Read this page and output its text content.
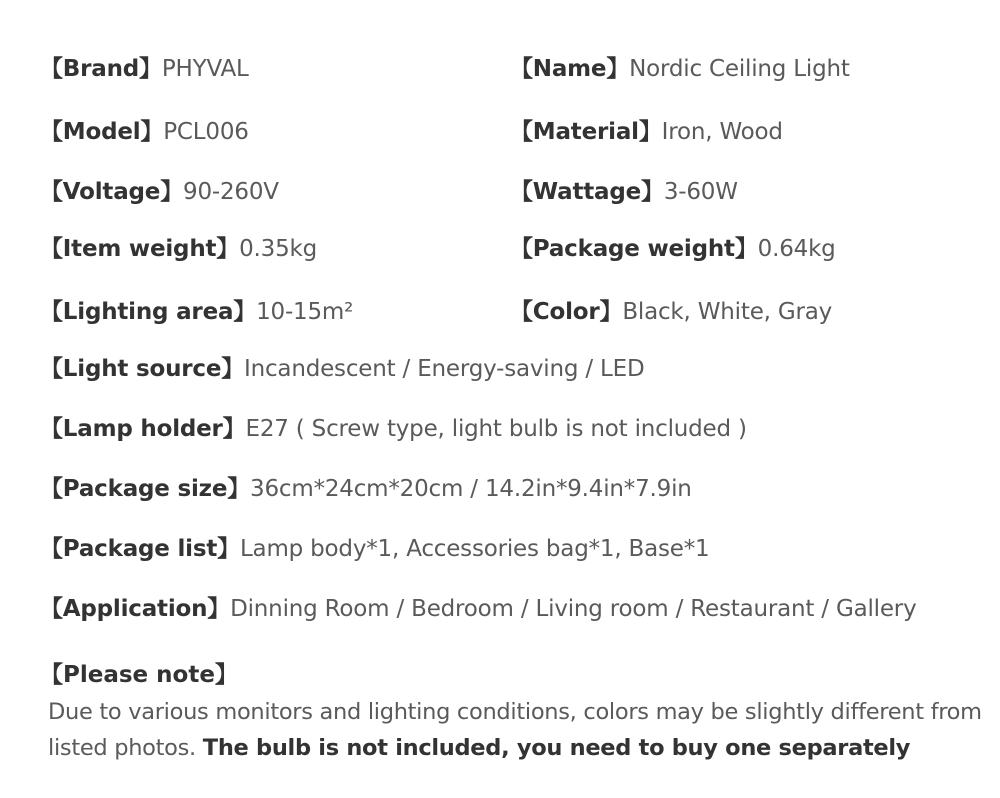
【Brand】PHYVAL	【Name】Nordic Ceiling Light
【Model】PCL006	【Material】Iron, Wood
【Voltage】90-260V	【Wattage】3-60W
【Item weight】0.35kg	【Package weight】0.64kg
【Lighting area】10-15m²	【Color】Black, White, Gray
【Light source】Incandescent / Energy-saving / LED
【Lamp holder】E27 ( Screw type, light bulb is not included )
【Package size】36cm*24cm*20cm / 14.2in*9.4in*7.9in
【Package list】Lamp body*1, Accessories bag*1, Base*1
【Application】Dinning Room / Bedroom / Living room / Restaurant / Gallery
【Please note】
Due to various monitors and lighting conditions, colors may be slightly different from listed photos. The bulb is not included, you need to buy one separately
